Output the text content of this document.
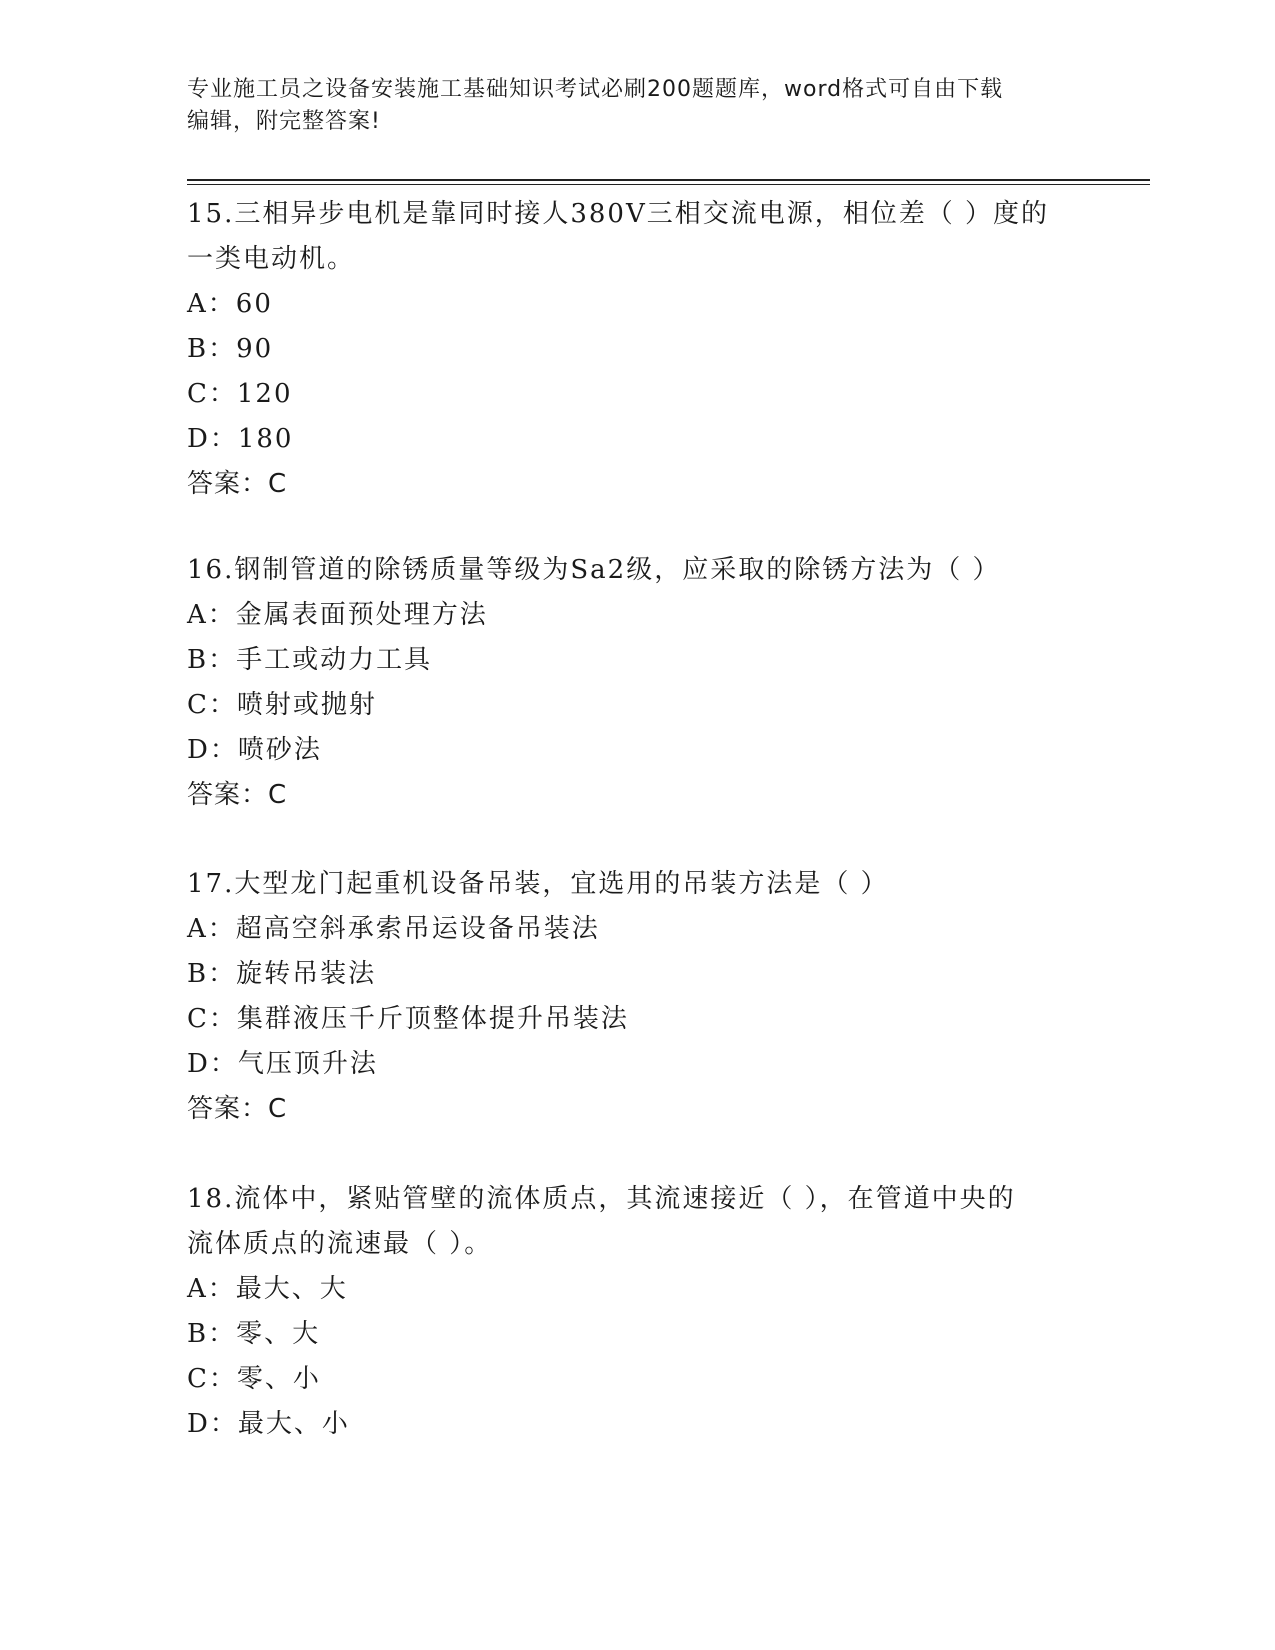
专业施工员之设备安装施工基础知识考试必刷200题题库，word格式可自由下载

编辑，附完整答案!

15.三相异步电机是靠同时接人380V三相交流电源，相位差（ ）度的

一类电动机。

A：60

B：90

C：120

D：180

答案：C

16.钢制管道的除锈质量等级为Sa2级，应采取的除锈方法为（ ）

A：金属表面预处理方法

B：手工或动力工具

C：喷射或抛射

D：喷砂法

答案：C

17.大型龙门起重机设备吊装，宜选用的吊装方法是（ ）

A：超高空斜承索吊运设备吊装法

B：旋转吊装法

C：集群液压千斤顶整体提升吊装法

D：气压顶升法

答案：C

18.流体中，紧贴管壁的流体质点，其流速接近（ ），在管道中央的

流体质点的流速最（ ）。

A：最大、大

B：零、大

C：零、小

D：最大、小
